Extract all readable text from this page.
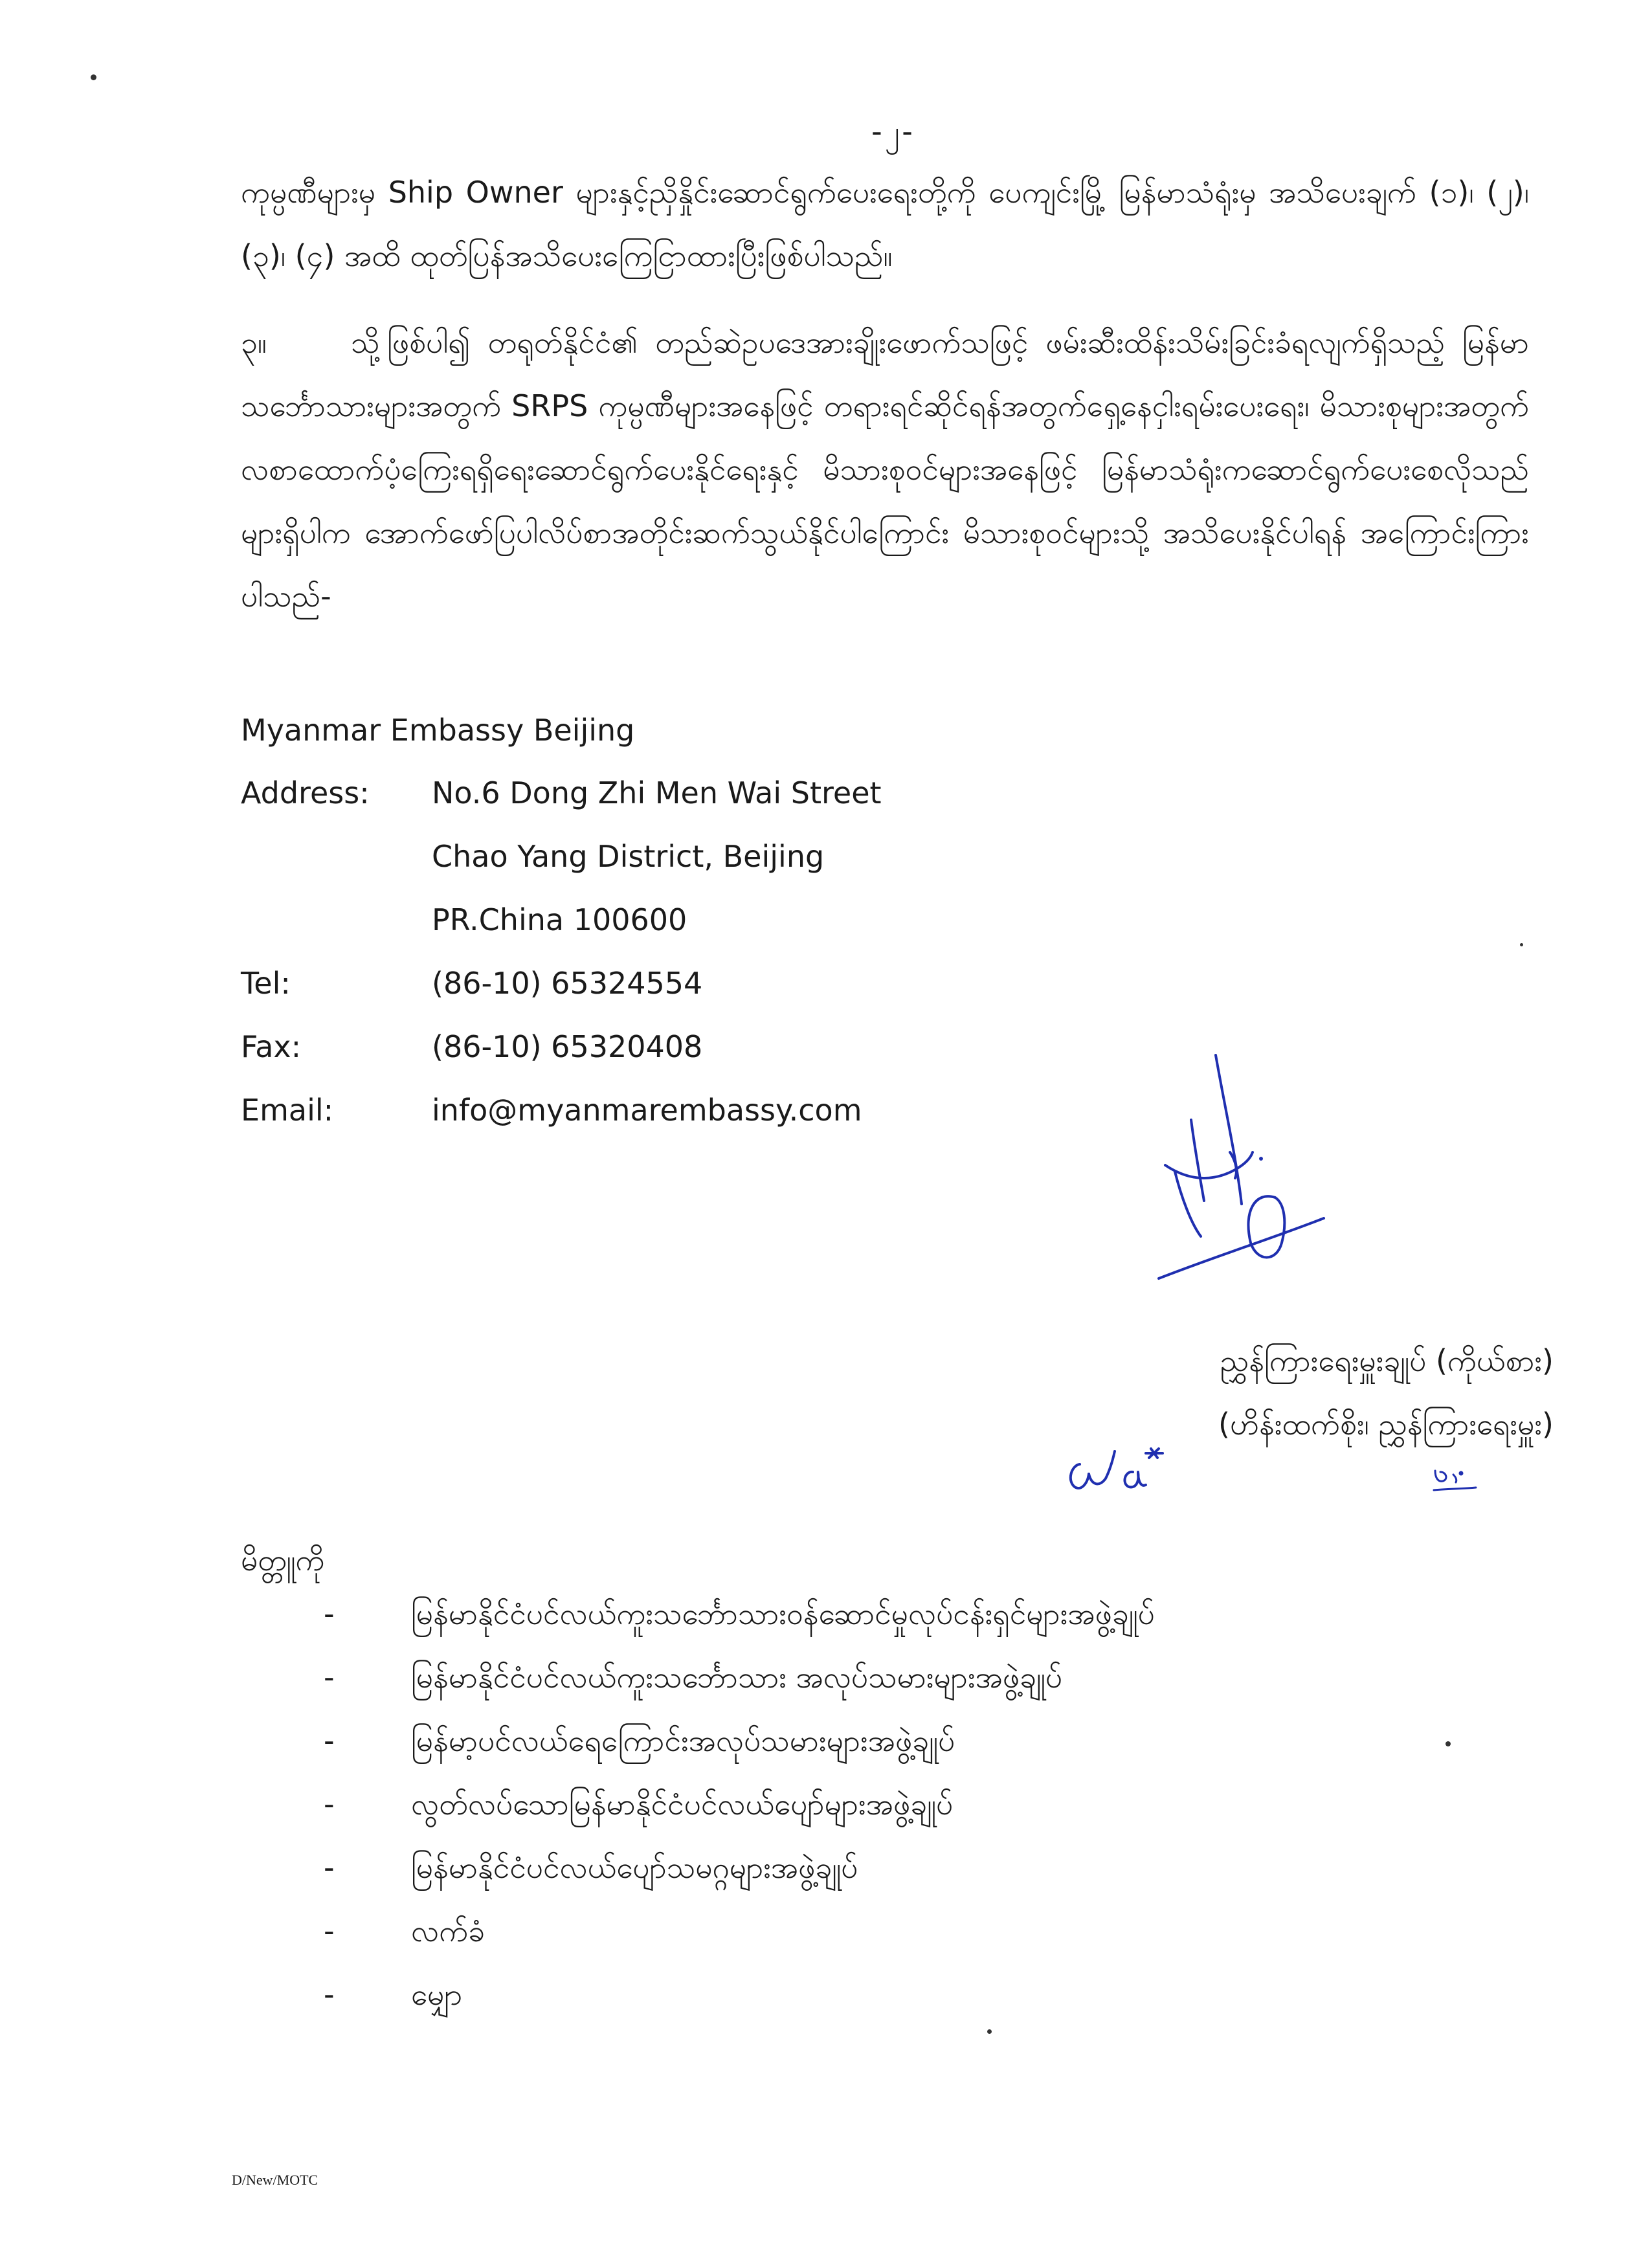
-၂-

ကုမ္ပဏီများမှ Ship Owner များနှင့်ညှိနှိုင်းဆောင်ရွက်ပေးရေးတို့ကို ပေကျင်းမြို့ မြန်မာသံရုံးမှ အသိပေးချက် (၁)၊ (၂)၊ (၃)၊ (၄) အထိ ထုတ်ပြန်အသိပေးကြေငြာထားပြီးဖြစ်ပါသည်။

၃။	သို့ဖြစ်ပါ၍ တရုတ်နိုင်ငံ၏ တည်ဆဲဥပဒေအားချိုးဖောက်သဖြင့် ဖမ်းဆီးထိန်းသိမ်းခြင်းခံရလျက်ရှိသည့် မြန်မာသင်္ဘောသားများအတွက် SRPS ကုမ္ပဏီများအနေဖြင့် တရားရင်ဆိုင်ရန်အတွက်ရှေ့နေငှါးရမ်းပေးရေး၊ မိသားစုများအတွက် လစာထောက်ပံ့ကြေးရရှိရေးဆောင်ရွက်ပေးနိုင်ရေးနှင့် မိသားစုဝင်များအနေဖြင့် မြန်မာသံရုံးကဆောင်ရွက်ပေးစေလိုသည်များရှိပါက အောက်ဖော်ပြပါလိပ်စာအတိုင်းဆက်သွယ်နိုင်ပါကြောင်း မိသားစုဝင်များသို့ အသိပေးနိုင်ပါရန် အကြောင်းကြားပါသည်-

Myanmar Embassy Beijing
Address:	No.6 Dong Zhi Men Wai Street
Chao Yang District, Beijing
PR.China 100600
Tel:	(86-10) 65324554
Fax:	(86-10) 65320408
Email:	info@myanmarembassy.com
ညွှန်ကြားရေးမှူးချုပ် (ကိုယ်စား)
(ဟိန်းထက်စိုး၊ ညွှန်ကြားရေးမှူး)
မိတ္တူကို
-	မြန်မာနိုင်ငံပင်လယ်ကူးသင်္ဘောသားဝန်ဆောင်မှုလုပ်ငန်းရှင်များအဖွဲ့ချုပ်
-	မြန်မာနိုင်ငံပင်လယ်ကူးသင်္ဘောသား အလုပ်သမားများအဖွဲ့ချုပ်
-	မြန်မာ့ပင်လယ်ရေကြောင်းအလုပ်သမားများအဖွဲ့ချုပ်
-	လွတ်လပ်သောမြန်မာနိုင်ငံပင်လယ်ပျော်များအဖွဲ့ချုပ်
-	မြန်မာနိုင်ငံပင်လယ်ပျော်သမဂ္ဂများအဖွဲ့ချုပ်
-	လက်ခံ
-	မျှော
D/New/MOTC
